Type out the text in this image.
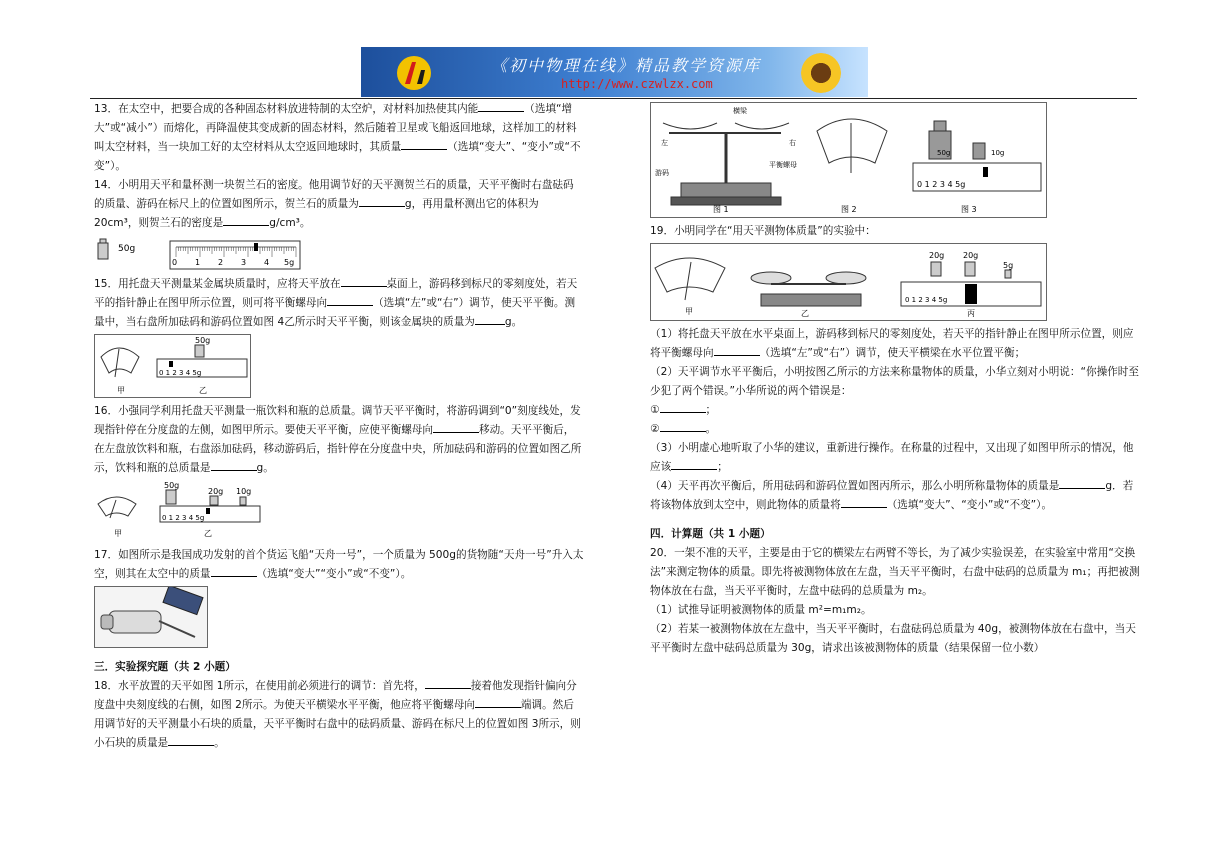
《初中物理在线》精品教学资源库
http://www.czwlzx.com

13．在太空中，把要合成的各种固态材料放进特制的太空炉，对材料加热使其内能	（选填“增大”或“减小”）而熔化，再降温使其变成新的固态材料，然后随着卫星或飞船返回地球，这样加工的材料叫太空材料，当一块加工好的太空材料从太空返回地球时，其质量	（选填“变大”、“变小”或“不变”）。

14．小明用天平和量杯测一块贺兰石的密度。他用调节好的天平测贺兰石的质量，天平平衡时右盘砝码的质量、游码在标尺上的位置如图所示，贺兰石的质量为	g，再用量杯测出它的体积为 20cm³，则贺兰石的密度是	g/cm³。

50g
0 1 2 3 4 5g

15．用托盘天平测量某金属块质量时，应将天平放在	桌面上，游码移到标尺的零刻度处，若天平的指针静止在图甲所示位置，则可将平衡螺母向	（选填“左”或“右”）调节，使天平平衡。测量中，当右盘所加砝码和游码位置如图 4乙所示时天平平衡，则该金属块的质量为	g。

甲
50g
0 1 2 3 4 5g
乙

16．小强同学利用托盘天平测量一瓶饮料和瓶的总质量。调节天平平衡时，将游码调到“0”刻度线处，发现指针停在分度盘的左侧，如图甲所示。要使天平平衡，应使平衡螺母向	移动。天平平衡后，在左盘放饮料和瓶，右盘添加砝码，移动游码后，指针停在分度盘中央，所加砝码和游码的位置如图乙所示，饮料和瓶的总质量是	g。

甲
50g
20g 10g
0 1 2 3 4 5g
乙

17．如图所示是我国成功发射的首个货运飞船“天舟一号”，一个质量为 500g的货物随“天舟一号”升入太空，则其在太空中的质量	（选填“变大”“变小”或“不变”）。

三．实验探究题（共 2 小题）

18．水平放置的天平如图 1所示，在使用前必须进行的调节：首先将，	接着他发现指针偏向分度盘中央刻度线的右侧，如图 2所示。为使天平横梁水平平衡，他应将平衡螺母向	端调。然后用调节好的天平测量小石块的质量，天平平衡时右盘中的砝码质量、游码在标尺上的位置如图 3所示，则小石块的质量是	。

横梁
左	右
平衡螺母
游码
图 1	图 2
50g	10g
0 1 2 3 4 5g
图 3

19．小明同学在“用天平测物体质量”的实验中：

甲	乙
20g 20g
5g
0 1 2 3 4 5g
丙

（1）将托盘天平放在水平桌面上，游码移到标尺的零刻度处，若天平的指针静止在图甲所示位置，则应将平衡螺母向	（选填“左”或“右”）调节，使天平横梁在水平位置平衡；

（2）天平调节水平平衡后，小明按图乙所示的方法来称量物体的质量，小华立刻对小明说：“你操作时至少犯了两个错误。”小华所说的两个错误是：

①	；

②	。

（3）小明虚心地听取了小华的建议，重新进行操作。在称量的过程中，又出现了如图甲所示的情况，他应该	；

（4）天平再次平衡后，所用砝码和游码位置如图丙所示，那么小明所称量物体的质量是	g．若将该物体放到太空中，则此物体的质量将	（选填“变大”、“变小”或“不变”）。

四．计算题（共 1 小题）

20．一架不准的天平，主要是由于它的横梁左右两臂不等长，为了减少实验误差，在实验室中常用“交换法”来测定物体的质量。即先将被测物体放在左盘，当天平平衡时，右盘中砝码的总质量为 m₁；再把被测物体放在右盘，当天平平衡时，左盘中砝码的总质量为 m₂。

（1）试推导证明被测物体的质量 m²=m₁m₂。

（2）若某一被测物体放在左盘中，当天平平衡时，右盘砝码总质量为 40g，被测物体放在右盘中，当天平平衡时左盘中砝码总质量为 30g，请求出该被测物体的质量（结果保留一位小数）
